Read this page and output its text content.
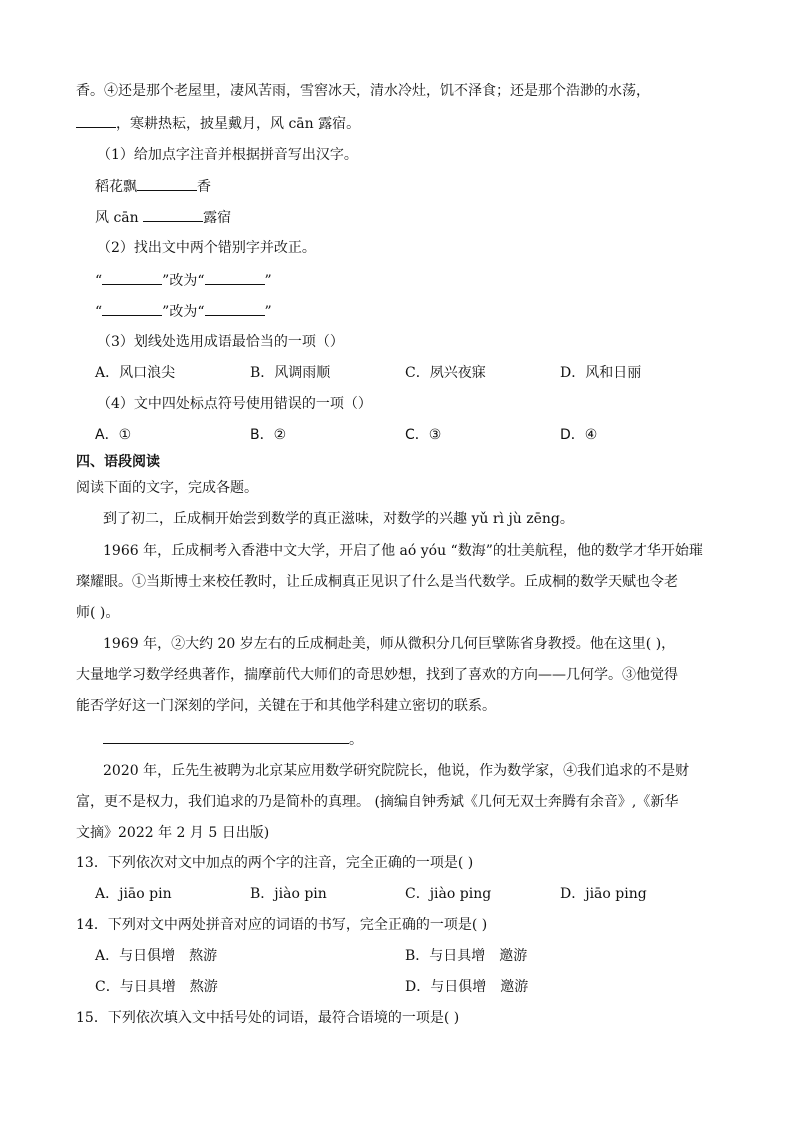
香。④还是那个老屋里，凄风苦雨，雪窖冰天，清水冷灶，饥不泽食；还是那个浩渺的水荡，
，寒耕热耘，披星戴月，风 cān 露宿。
（1）给加点字注音并根据拼音写出汉字。
稻花飘	香
风 cān	露宿
（2）找出文中两个错别字并改正。
“	”改为“	”
“	”改为“	”
（3）划线处选用成语最恰当的一项（）
A．风口浪尖	B．风调雨顺	C．夙兴夜寐	D．风和日丽
（4）文中四处标点符号使用错误的一项（）
A．①	B．②	C．③	D．④
四、语段阅读
阅读下面的文字，完成各题。
到了初二，丘成桐开始尝到数学的真正滋味，对数学的兴趣 yǔ rì jù zēng。
1966 年，丘成桐考入香港中文大学，开启了他 aó yóu “数海”的壮美航程，他的数学才华开始璀
璨耀眼。①当斯博士来校任教时，让丘成桐真正见识了什么是当代数学。丘成桐的数学天赋也令老
师( )。
1969 年，②大约 20 岁左右的丘成桐赴美，师从微积分几何巨擘陈省身教授。他在这里( )，
大量地学习数学经典著作，揣摩前代大师们的奇思妙想，找到了喜欢的方向——几何学。③他觉得
能否学好这一门深刻的学问，关键在于和其他学科建立密切的联系。
。
2020 年，丘先生被聘为北京某应用数学研究院院长，他说，作为数学家，④我们追求的不是财
富，更不是权力，我们追求的乃是简朴的真理。 (摘编自钟秀斌《几何无双士奔腾有余音》,《新华
文摘》2022 年 2 月 5 日出版)
13．下列依次对文中加点的两个字的注音，完全正确的一项是( )
A．jiāo pin	B．jiào pin	C．jiào ping	D．jiāo ping
14．下列对文中两处拼音对应的词语的书写，完全正确的一项是( )
A．与日俱增　熬游	B．与日具增　邀游
C．与日具增　熬游	D．与日俱增　邀游
15．下列依次填入文中括号处的词语，最符合语境的一项是( )
